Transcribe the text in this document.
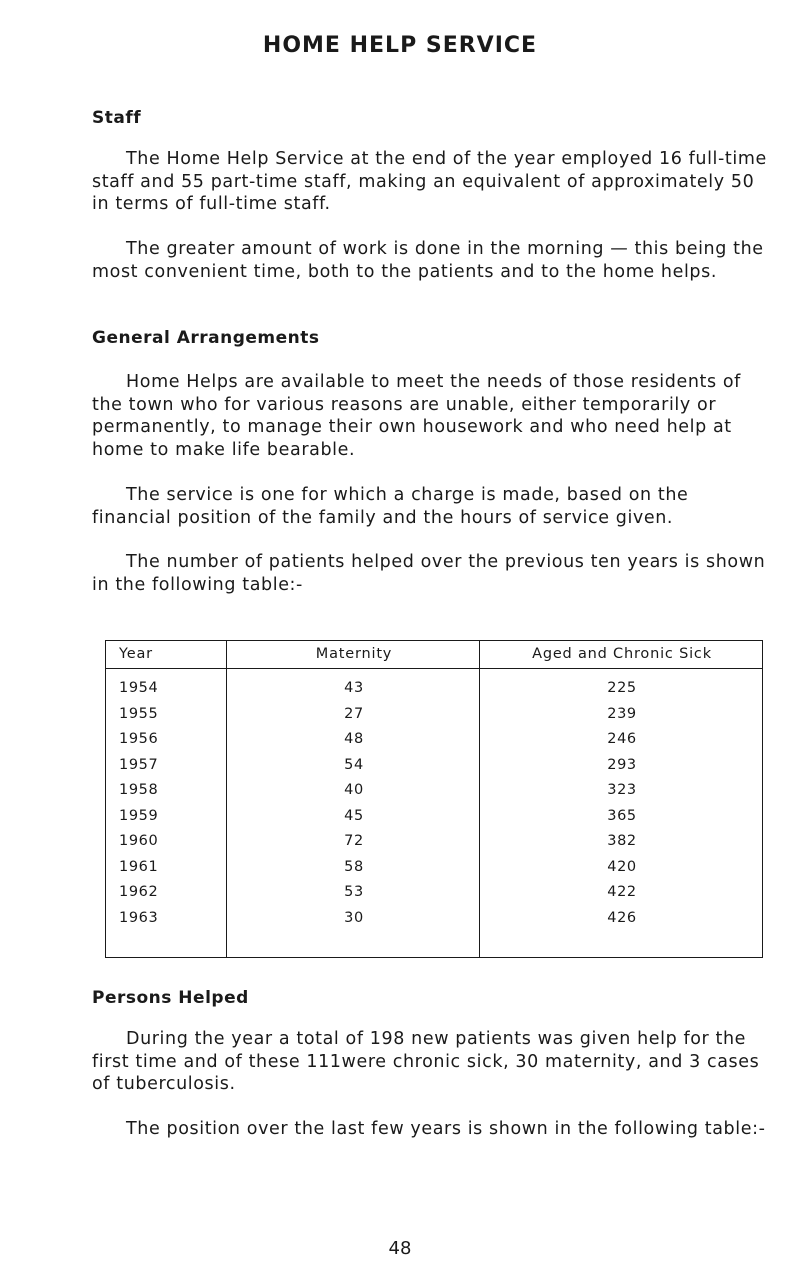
HOME HELP SERVICE
Staff

The Home Help Service at the end of the year employed 16 full-time staff and 55 part-time staff, making an equivalent of approximately 50 in terms of full-time staff.

The greater amount of work is done in the morning — this being the most convenient time, both to the patients and to the home helps.

General Arrangements

Home Helps are available to meet the needs of those residents of the town who for various reasons are unable, either temporarily or permanently, to manage their own housework and who need help at home to make life bearable.

The service is one for which a charge is made, based on the financial position of the family and the hours of service given.

The number of patients helped over the previous ten years is shown in the following table:-

Year	Maternity	Aged and Chronic Sick
1954	43	225
1955	27	239
1956	48	246
1957	54	293
1958	40	323
1959	45	365
1960	72	382
1961	58	420
1962	53	422
1963	30	426
Persons Helped

During the year a total of 198 new patients was given help for the first time and of these 111were chronic sick, 30 maternity, and 3 cases of tuberculosis.

The position over the last few years is shown in the following table:-

48
